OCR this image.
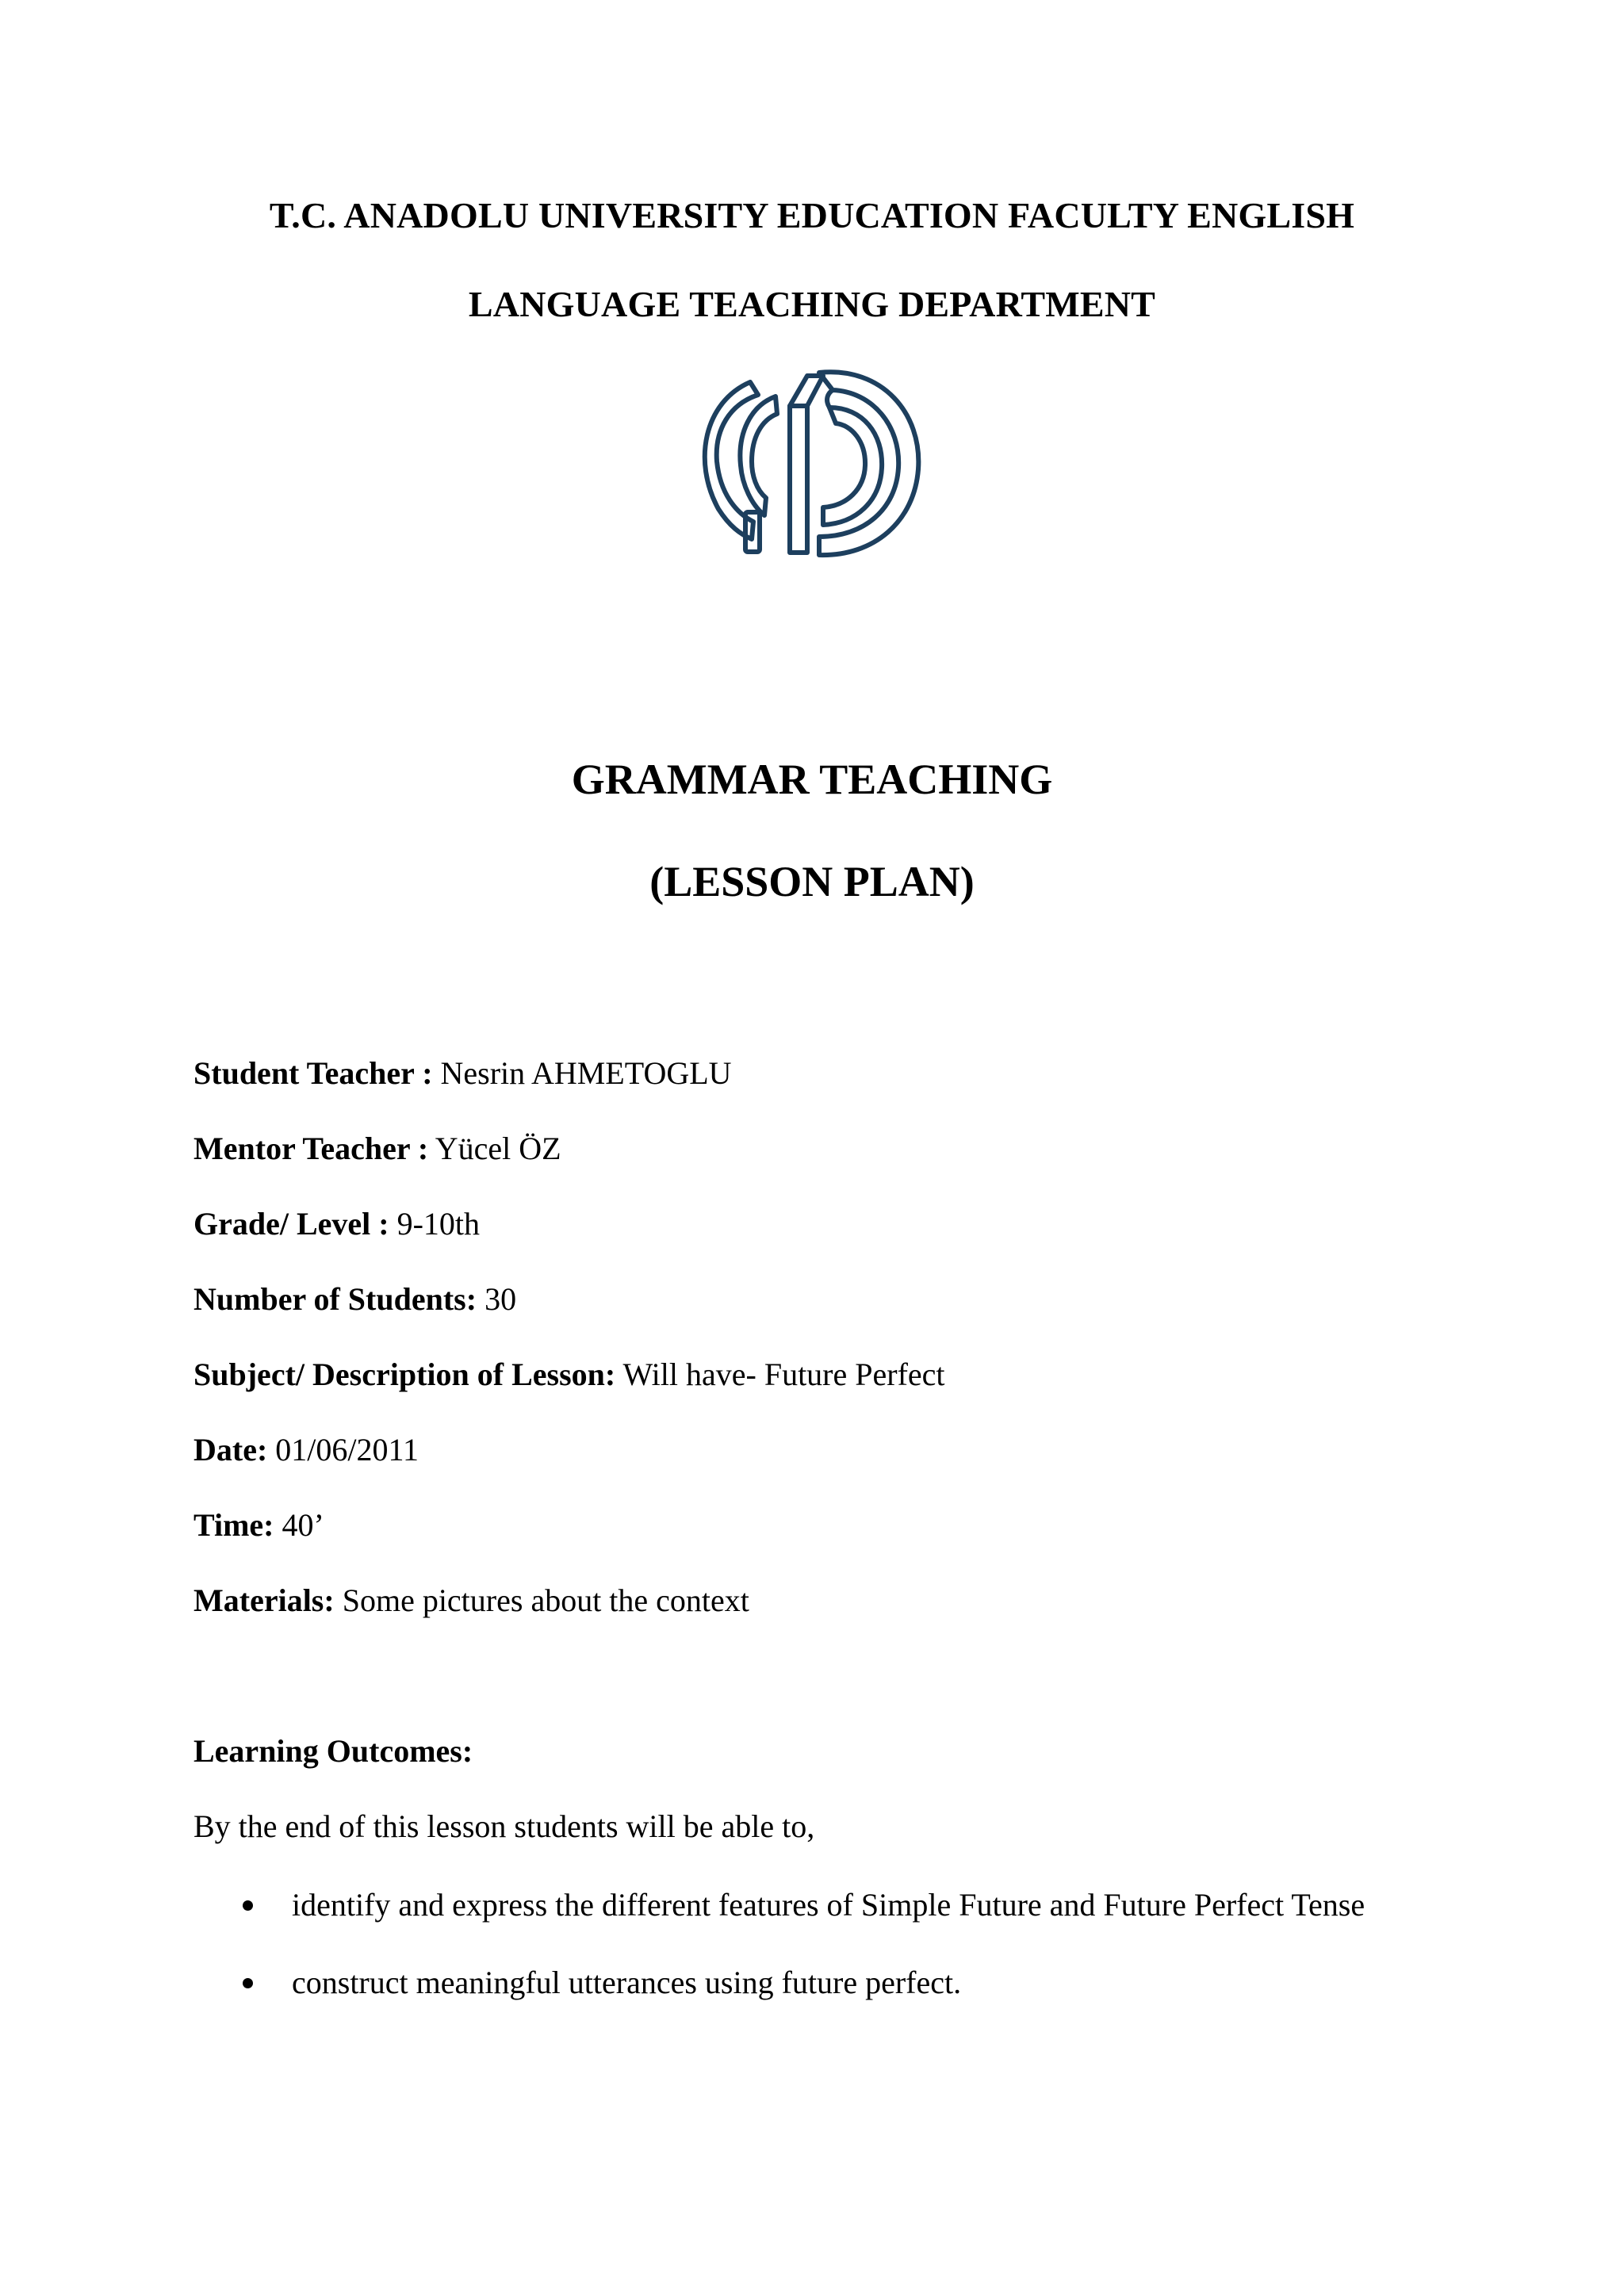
T.C. ANADOLU UNIVERSITY EDUCATION FACULTY ENGLISH
LANGUAGE TEACHING DEPARTMENT
GRAMMAR TEACHING
(LESSON PLAN)
Student Teacher : Nesrin AHMETOGLU
Mentor Teacher : Yücel ÖZ
Grade/ Level : 9-10th
Number of Students: 30
Subject/ Description of Lesson: Will have- Future Perfect
Date: 01/06/2011
Time: 40’
Materials: Some pictures about the context
Learning Outcomes:
By the end of this lesson students will be able to,
identify and express the different features of Simple Future and Future Perfect Tense
construct meaningful utterances using future perfect.
